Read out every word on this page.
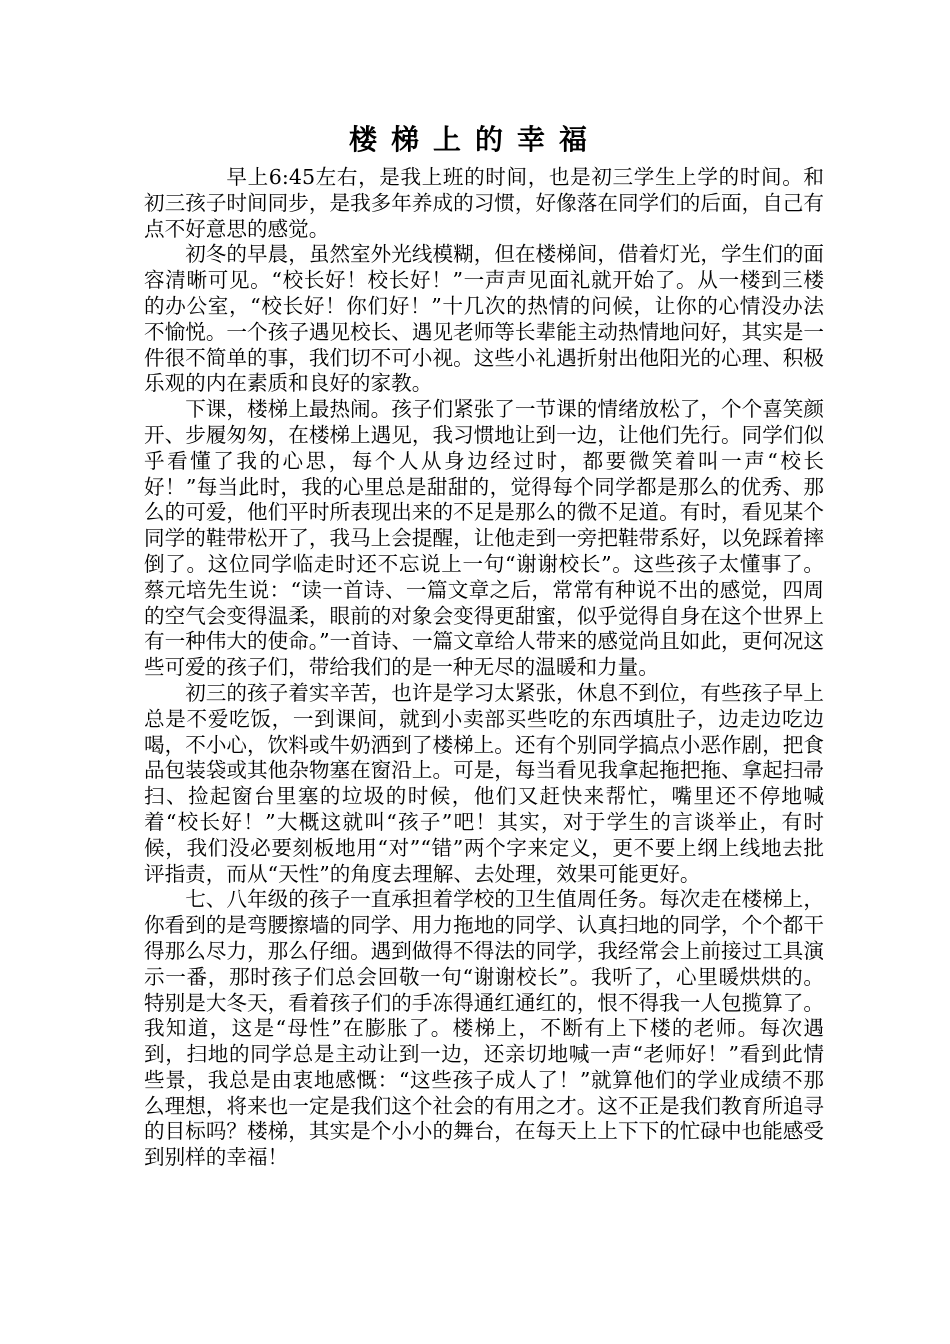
楼梯上的幸福

早上6:45左右，是我上班的时间，也是初三学生上学的时间。和初三孩子时间同步，是我多年养成的习惯，好像落在同学们的后面，自己有点不好意思的感觉。

初冬的早晨，虽然室外光线模糊，但在楼梯间，借着灯光，学生们的面容清晰可见。“校长好！校长好！”一声声见面礼就开始了。从一楼到三楼的办公室，“校长好！你们好！”十几次的热情的问候，让你的心情没办法不愉悦。一个孩子遇见校长、遇见老师等长辈能主动热情地问好，其实是一件很不简单的事，我们切不可小视。这些小礼遇折射出他阳光的心理、积极乐观的内在素质和良好的家教。

下课，楼梯上最热闹。孩子们紧张了一节课的情绪放松了，个个喜笑颜开、步履匆匆，在楼梯上遇见，我习惯地让到一边，让他们先行。同学们似乎看懂了我的心思，每个人从身边经过时，都要微笑着叫一声“校长好！”每当此时，我的心里总是甜甜的，觉得每个同学都是那么的优秀、那么的可爱，他们平时所表现出来的不足是那么的微不足道。有时，看见某个同学的鞋带松开了，我马上会提醒，让他走到一旁把鞋带系好，以免踩着摔倒了。这位同学临走时还不忘说上一句“谢谢校长”。这些孩子太懂事了。蔡元培先生说：“读一首诗、一篇文章之后，常常有种说不出的感觉，四周的空气会变得温柔，眼前的对象会变得更甜蜜，似乎觉得自身在这个世界上有一种伟大的使命。”一首诗、一篇文章给人带来的感觉尚且如此，更何况这些可爱的孩子们，带给我们的是一种无尽的温暖和力量。

初三的孩子着实辛苦，也许是学习太紧张，休息不到位，有些孩子早上总是不爱吃饭，一到课间，就到小卖部买些吃的东西填肚子，边走边吃边喝，不小心，饮料或牛奶洒到了楼梯上。还有个别同学搞点小恶作剧，把食品包装袋或其他杂物塞在窗沿上。可是，每当看见我拿起拖把拖、拿起扫帚扫、捡起窗台里塞的垃圾的时候，他们又赶快来帮忙，嘴里还不停地喊着“校长好！”大概这就叫“孩子”吧！其实，对于学生的言谈举止，有时候，我们没必要刻板地用“对”“错”两个字来定义，更不要上纲上线地去批评指责，而从“天性”的角度去理解、去处理，效果可能更好。

七、八年级的孩子一直承担着学校的卫生值周任务。每次走在楼梯上，你看到的是弯腰擦墙的同学、用力拖地的同学、认真扫地的同学，个个都干得那么尽力，那么仔细。遇到做得不得法的同学，我经常会上前接过工具演示一番，那时孩子们总会回敬一句“谢谢校长”。我听了，心里暖烘烘的。特别是大冬天，看着孩子们的手冻得通红通红的，恨不得我一人包揽算了。我知道，这是“母性”在膨胀了。楼梯上，不断有上下楼的老师。每次遇到，扫地的同学总是主动让到一边，还亲切地喊一声“老师好！”看到此情些景，我总是由衷地感慨：“这些孩子成人了！”就算他们的学业成绩不那么理想，将来也一定是我们这个社会的有用之才。这不正是我们教育所追寻的目标吗？楼梯，其实是个小小的舞台，在每天上上下下的忙碌中也能感受到别样的幸福！
